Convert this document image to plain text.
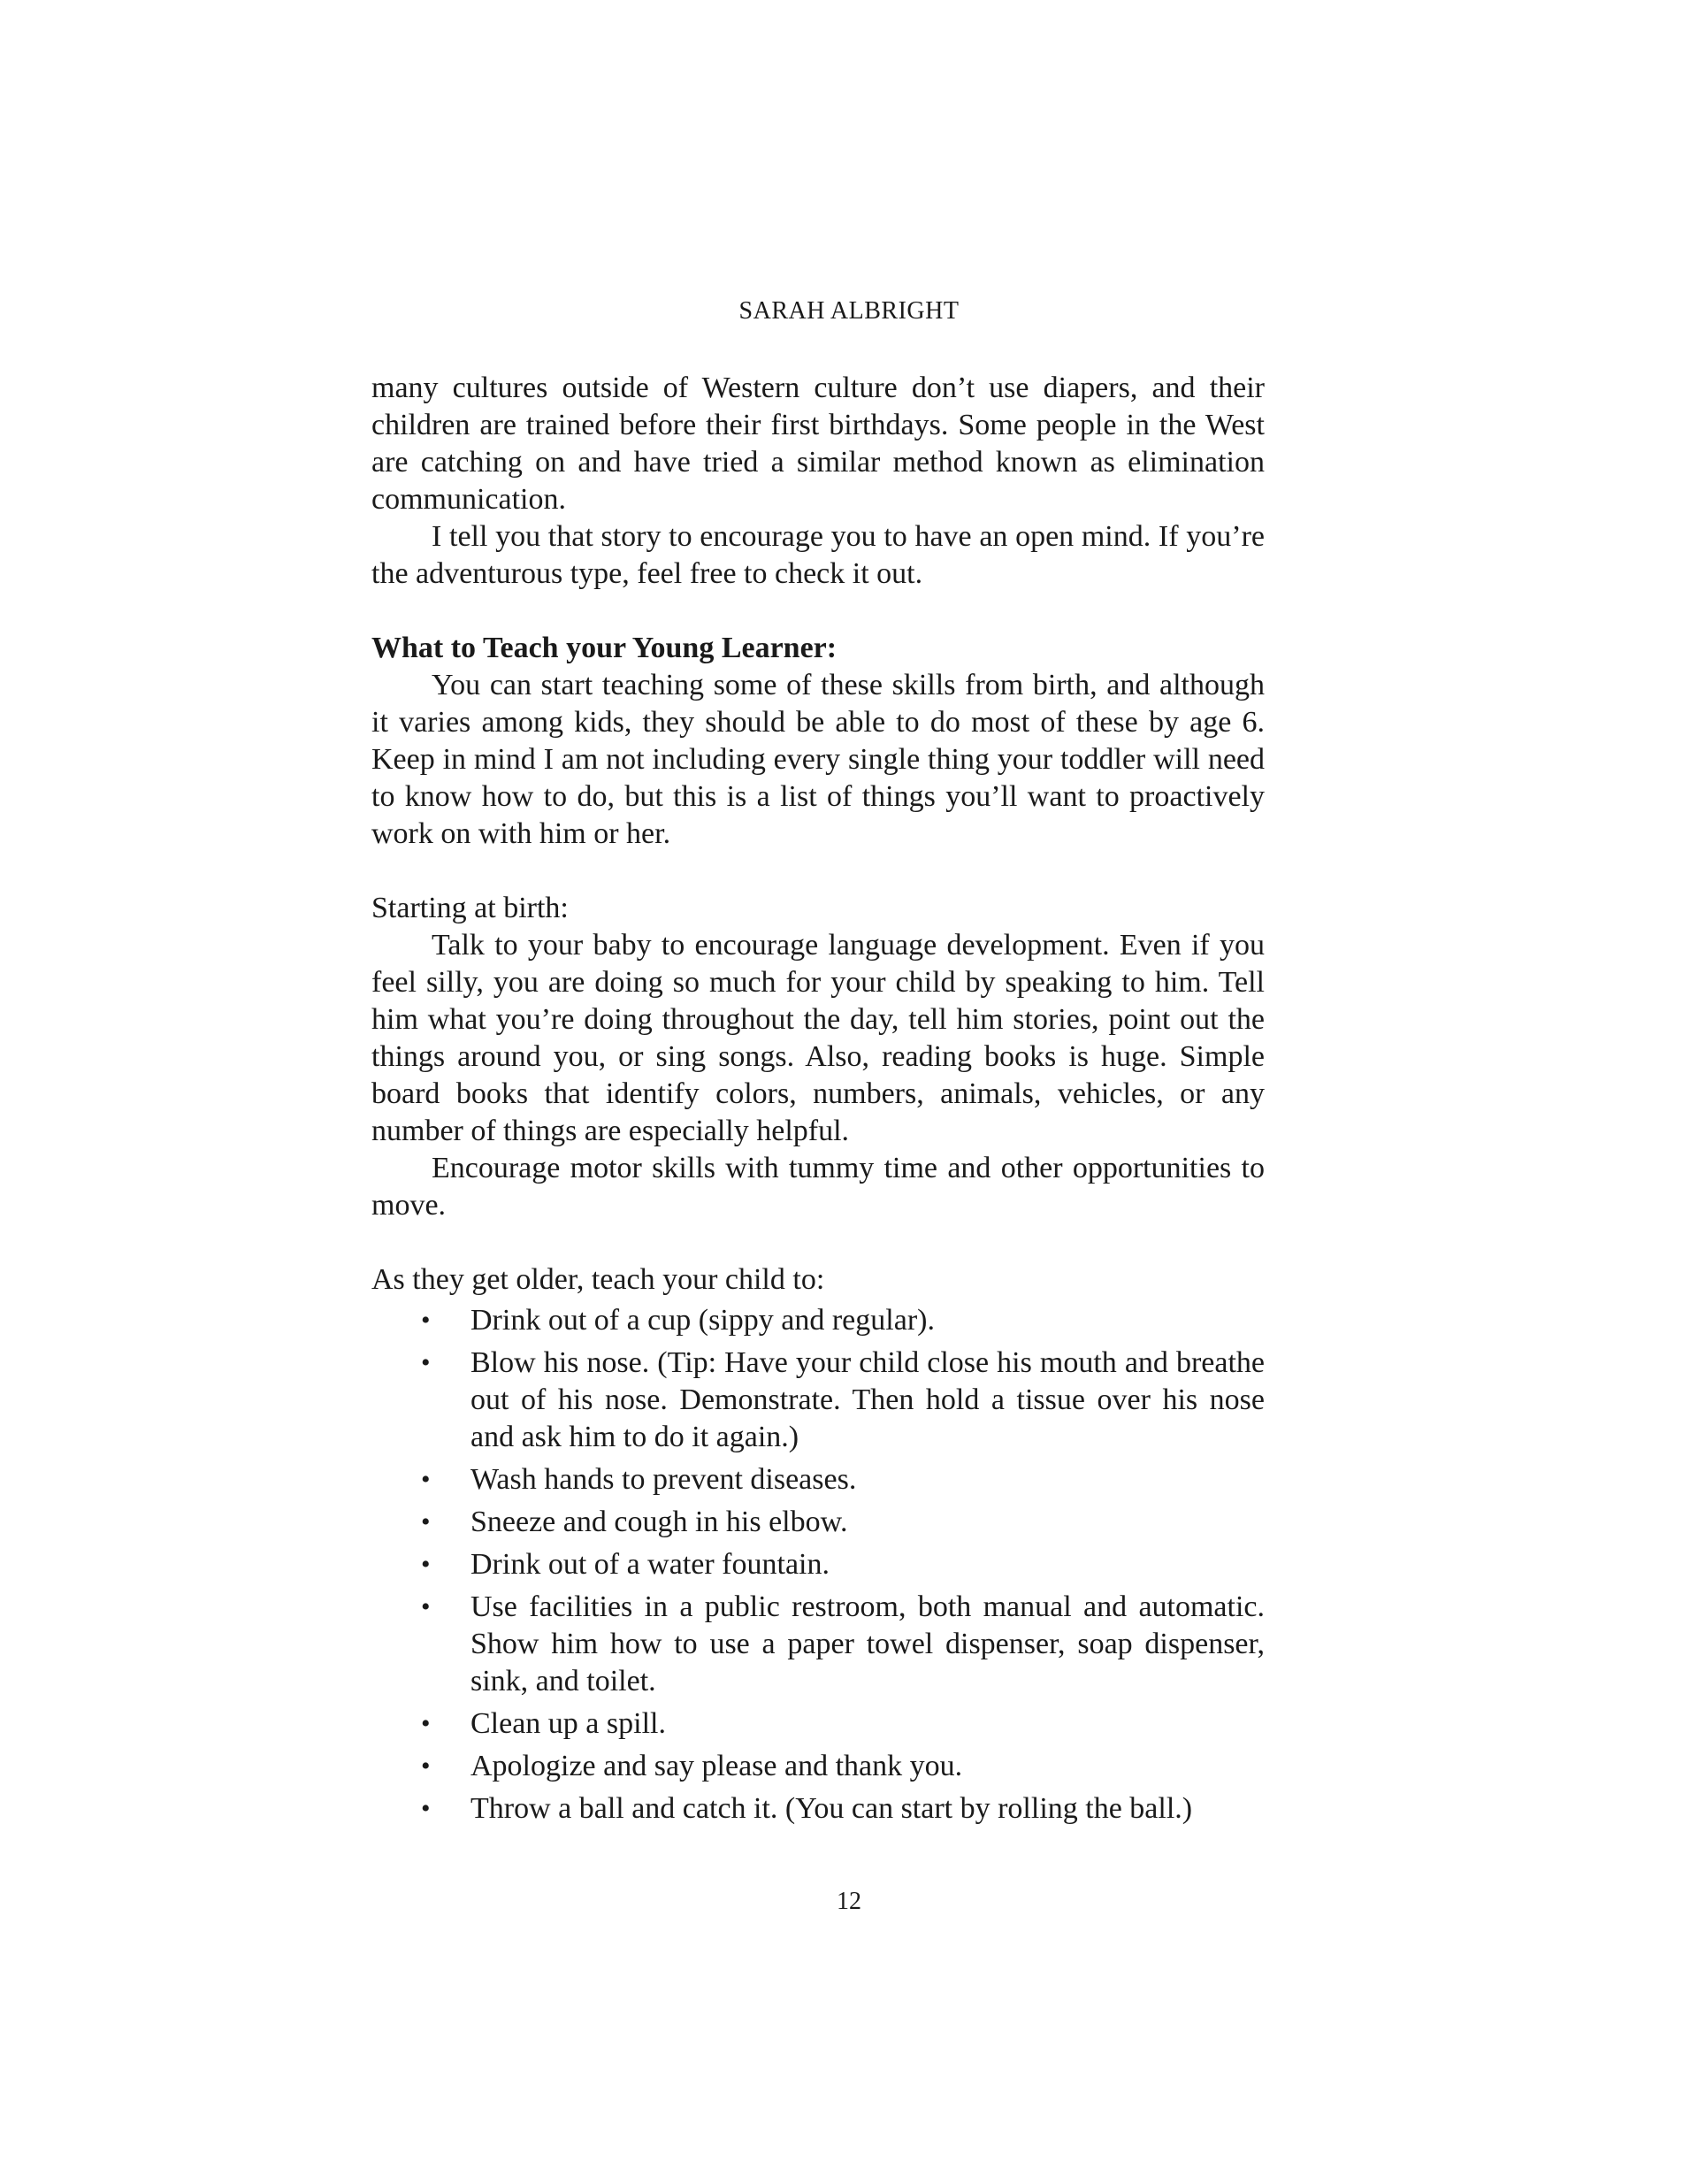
SARAH ALBRIGHT

many cultures outside of Western culture don’t use diapers, and their children are trained before their first birthdays. Some people in the West are catching on and have tried a similar method known as elimination communication.

I tell you that story to encourage you to have an open mind. If you’re the adventurous type, feel free to check it out.

What to Teach your Young Learner:

You can start teaching some of these skills from birth, and although it varies among kids, they should be able to do most of these by age 6. Keep in mind I am not including every single thing your toddler will need to know how to do, but this is a list of things you’ll want to proactively work on with him or her.

Starting at birth:

Talk to your baby to encourage language development. Even if you feel silly, you are doing so much for your child by speaking to him. Tell him what you’re doing throughout the day, tell him stories, point out the things around you, or sing songs. Also, reading books is huge. Simple board books that identify colors, numbers, animals, vehicles, or any number of things are especially helpful.

Encourage motor skills with tummy time and other opportunities to move.

As they get older, teach your child to:

• Drink out of a cup (sippy and regular).
• Blow his nose. (Tip: Have your child close his mouth and breathe out of his nose. Demonstrate. Then hold a tissue over his nose and ask him to do it again.)
• Wash hands to prevent diseases.
• Sneeze and cough in his elbow.
• Drink out of a water fountain.
• Use facilities in a public restroom, both manual and automatic. Show him how to use a paper towel dispenser, soap dispenser, sink, and toilet.
• Clean up a spill.
• Apologize and say please and thank you.
• Throw a ball and catch it. (You can start by rolling the ball.)
12
